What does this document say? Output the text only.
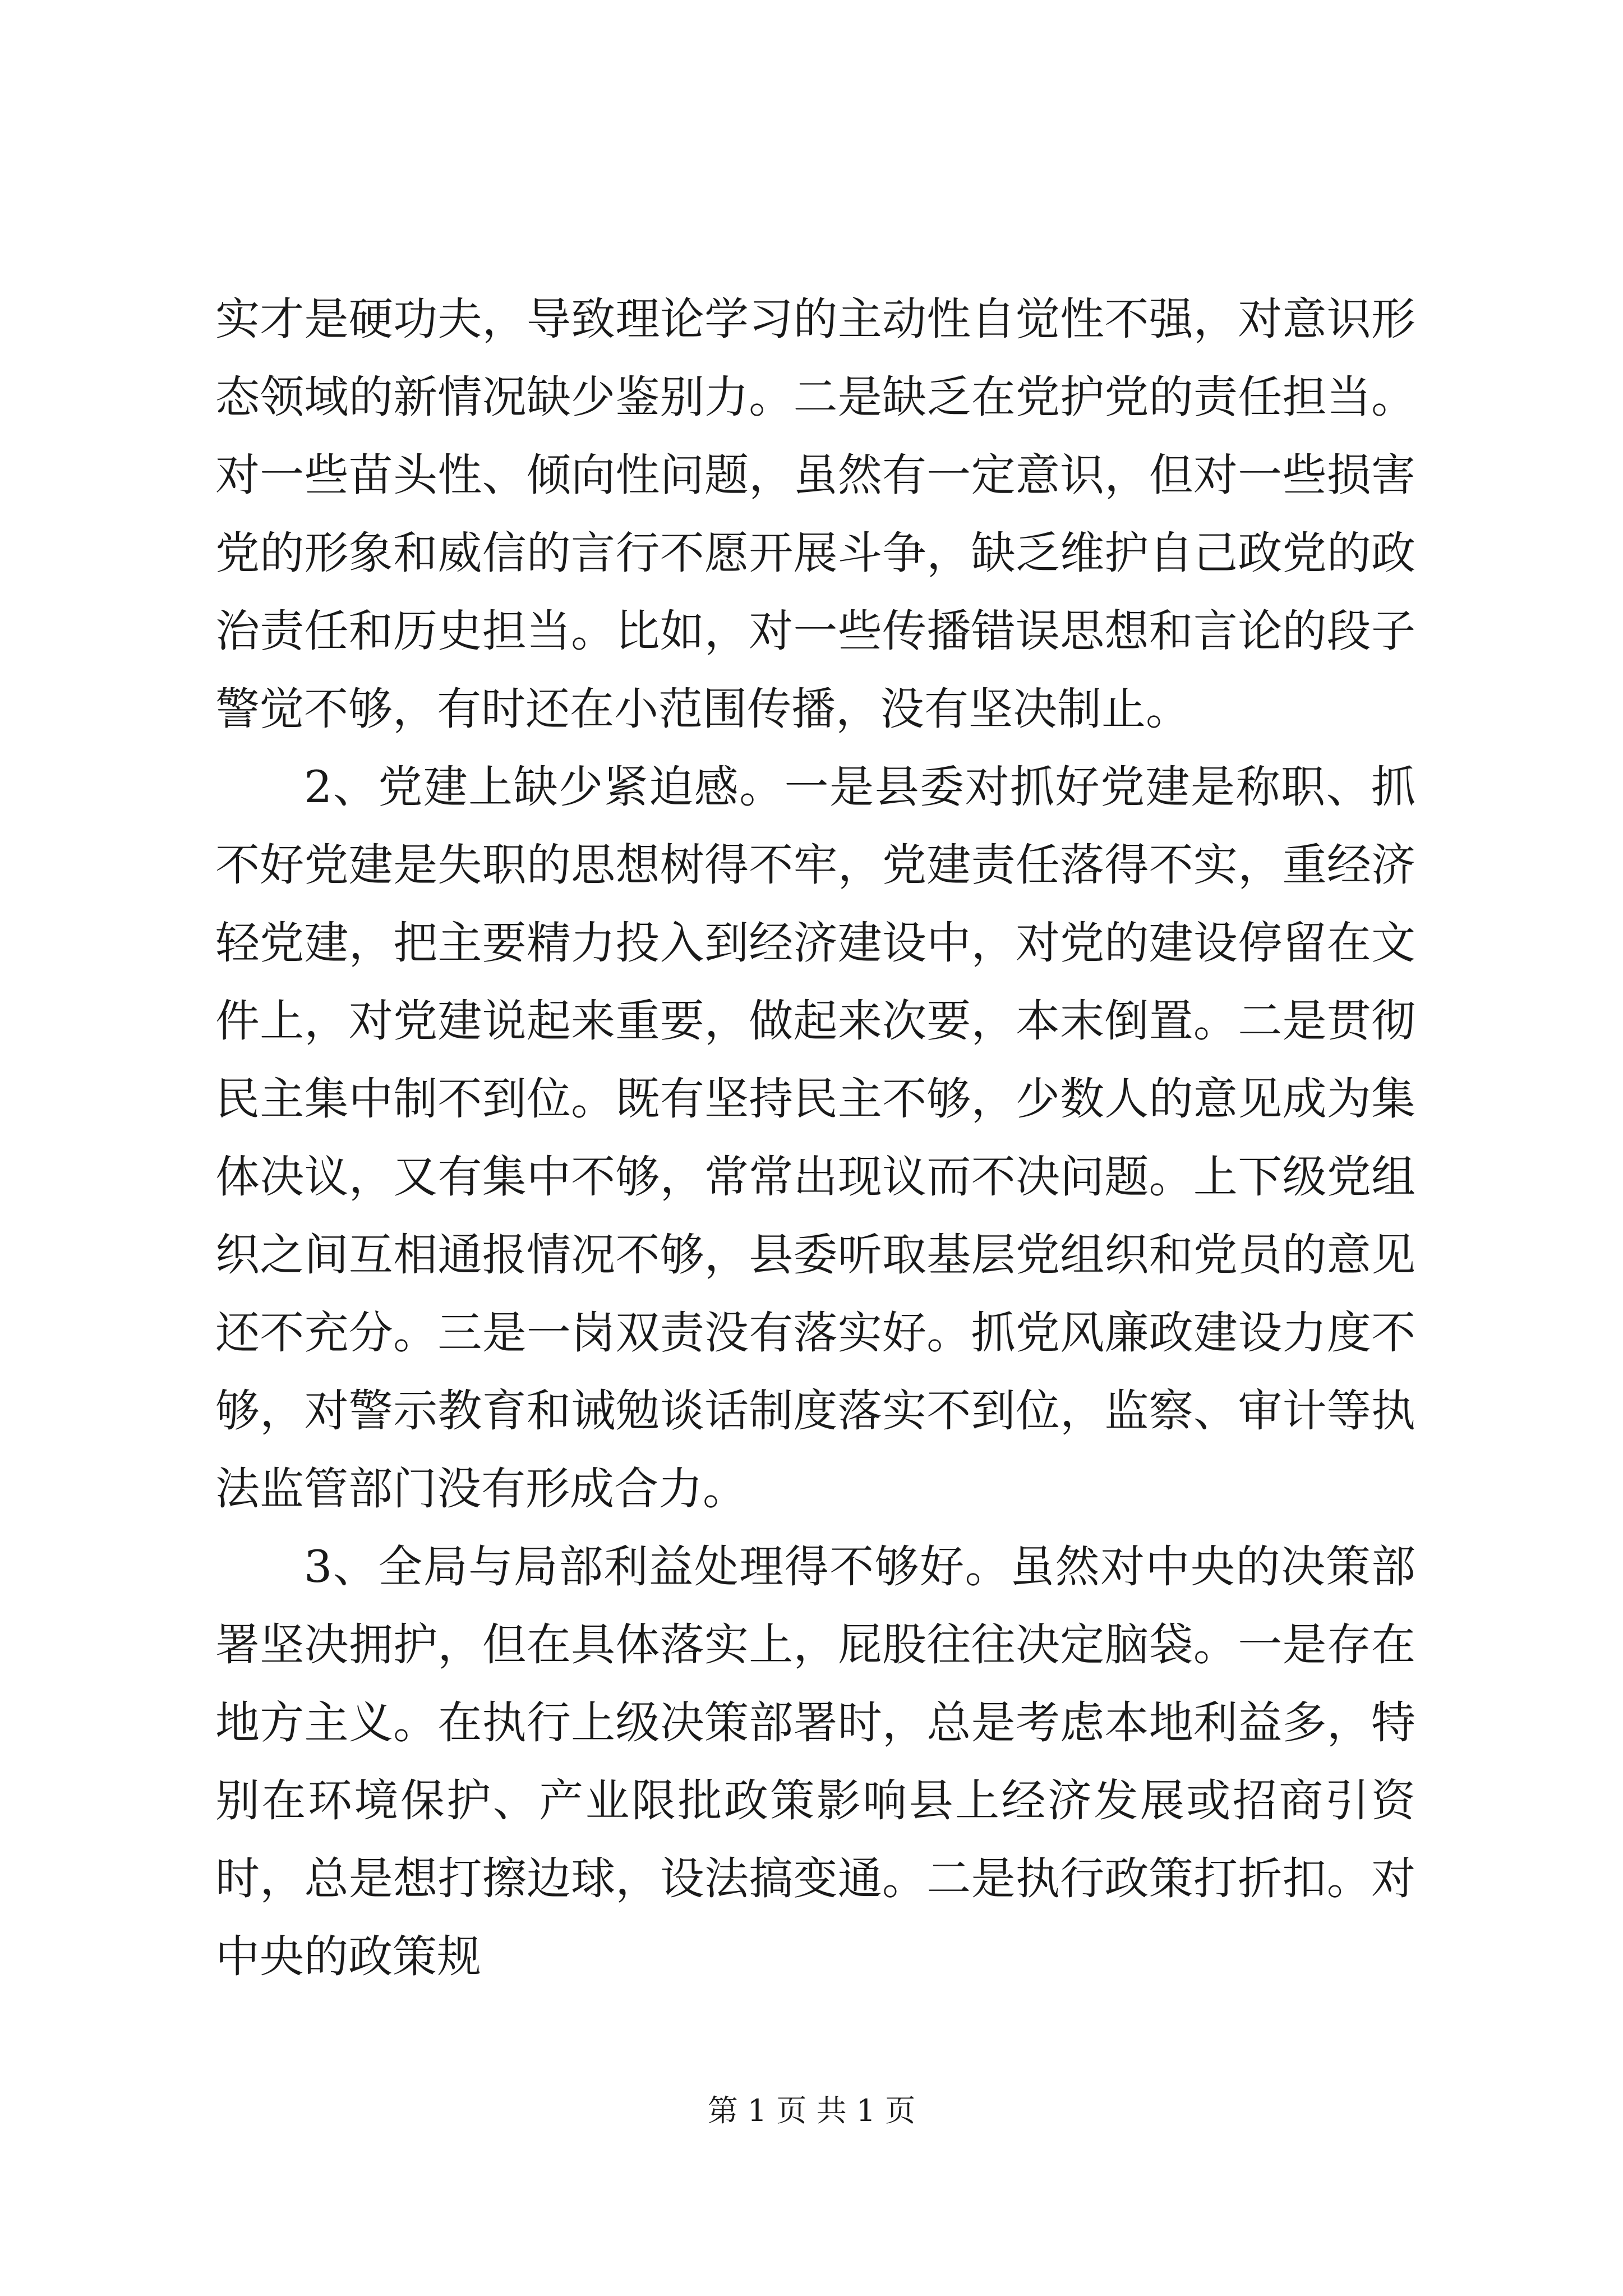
实才是硬功夫，导致理论学习的主动性自觉性不强，对意识形态领域的新情况缺少鉴别力。二是缺乏在党护党的责任担当。对一些苗头性、倾向性问题，虽然有一定意识，但对一些损害党的形象和威信的言行不愿开展斗争，缺乏维护自己政党的政治责任和历史担当。比如，对一些传播错误思想和言论的段子警觉不够，有时还在小范围传播，没有坚决制止。

2、党建上缺少紧迫感。一是县委对抓好党建是称职、抓不好党建是失职的思想树得不牢，党建责任落得不实，重经济轻党建，把主要精力投入到经济建设中，对党的建设停留在文件上，对党建说起来重要，做起来次要，本末倒置。二是贯彻民主集中制不到位。既有坚持民主不够，少数人的意见成为集体决议，又有集中不够，常常出现议而不决问题。上下级党组织之间互相通报情况不够，县委听取基层党组织和党员的意见还不充分。三是一岗双责没有落实好。抓党风廉政建设力度不够，对警示教育和诫勉谈话制度落实不到位，监察、审计等执法监管部门没有形成合力。

3、全局与局部利益处理得不够好。虽然对中央的决策部署坚决拥护，但在具体落实上，屁股往往决定脑袋。一是存在地方主义。在执行上级决策部署时，总是考虑本地利益多，特别在环境保护、产业限批政策影响县上经济发展或招商引资时，总是想打擦边球，设法搞变通。二是执行政策打折扣。对中央的政策规

第 1 页 共 1 页
